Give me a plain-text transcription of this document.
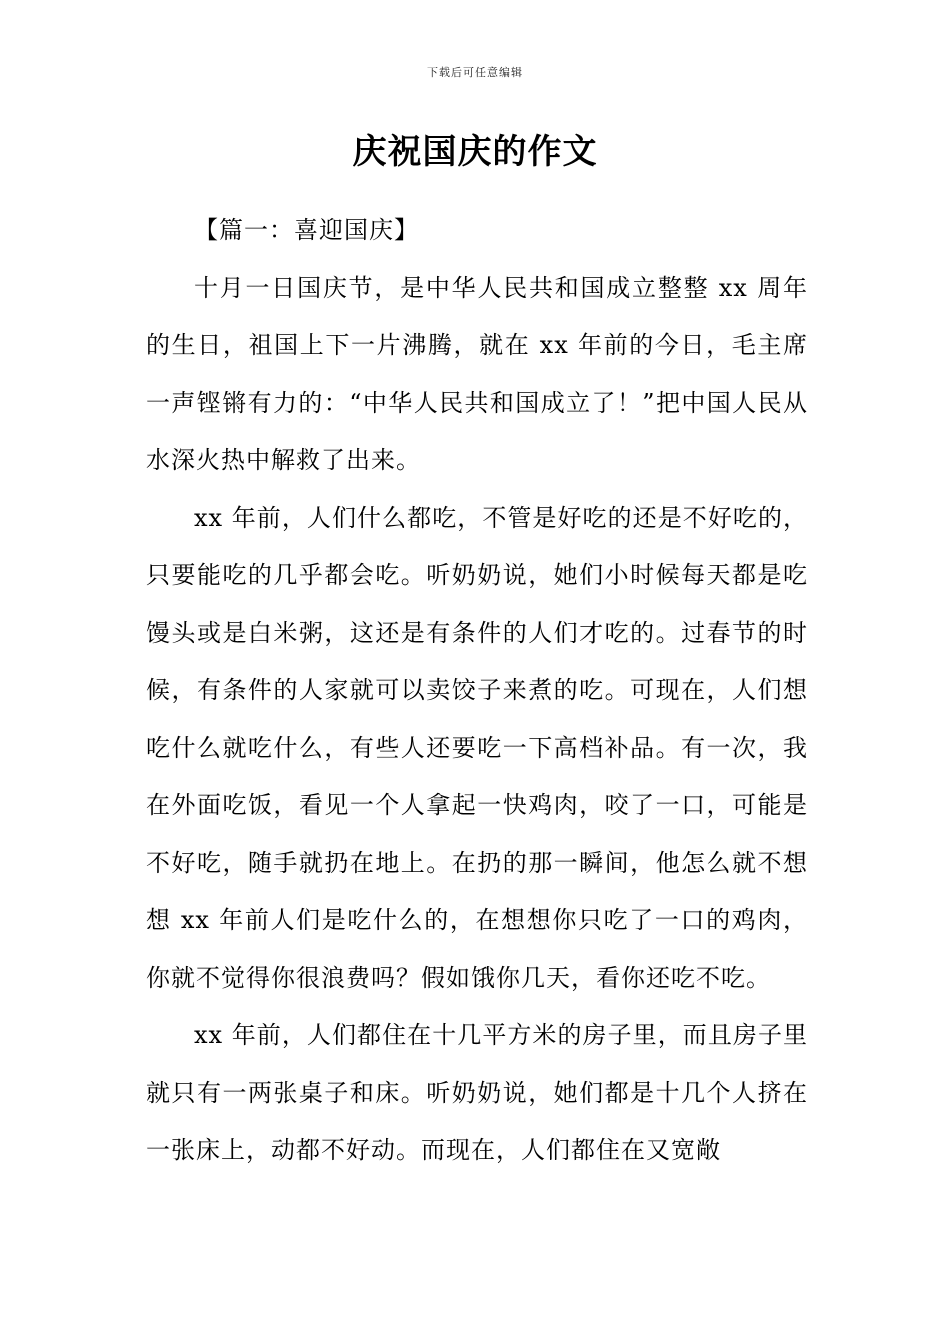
下载后可任意编辑
庆祝国庆的作文

【篇一：喜迎国庆】

十月一日国庆节，是中华人民共和国成立整整 xx 周年的生日，祖国上下一片沸腾，就在 xx 年前的今日，毛主席一声铿锵有力的：“中华人民共和国成立了！”把中国人民从水深火热中解救了出来。

xx 年前，人们什么都吃，不管是好吃的还是不好吃的，只要能吃的几乎都会吃。听奶奶说，她们小时候每天都是吃馒头或是白米粥，这还是有条件的人们才吃的。过春节的时候，有条件的人家就可以卖饺子来煮的吃。可现在，人们想吃什么就吃什么，有些人还要吃一下高档补品。有一次，我在外面吃饭，看见一个人拿起一快鸡肉，咬了一口，可能是不好吃，随手就扔在地上。在扔的那一瞬间，他怎么就不想想 xx 年前人们是吃什么的，在想想你只吃了一口的鸡肉，你就不觉得你很浪费吗？假如饿你几天，看你还吃不吃。

xx 年前，人们都住在十几平方米的房子里，而且房子里就只有一两张桌子和床。听奶奶说，她们都是十几个人挤在一张床上，动都不好动。而现在，人们都住在又宽敞
